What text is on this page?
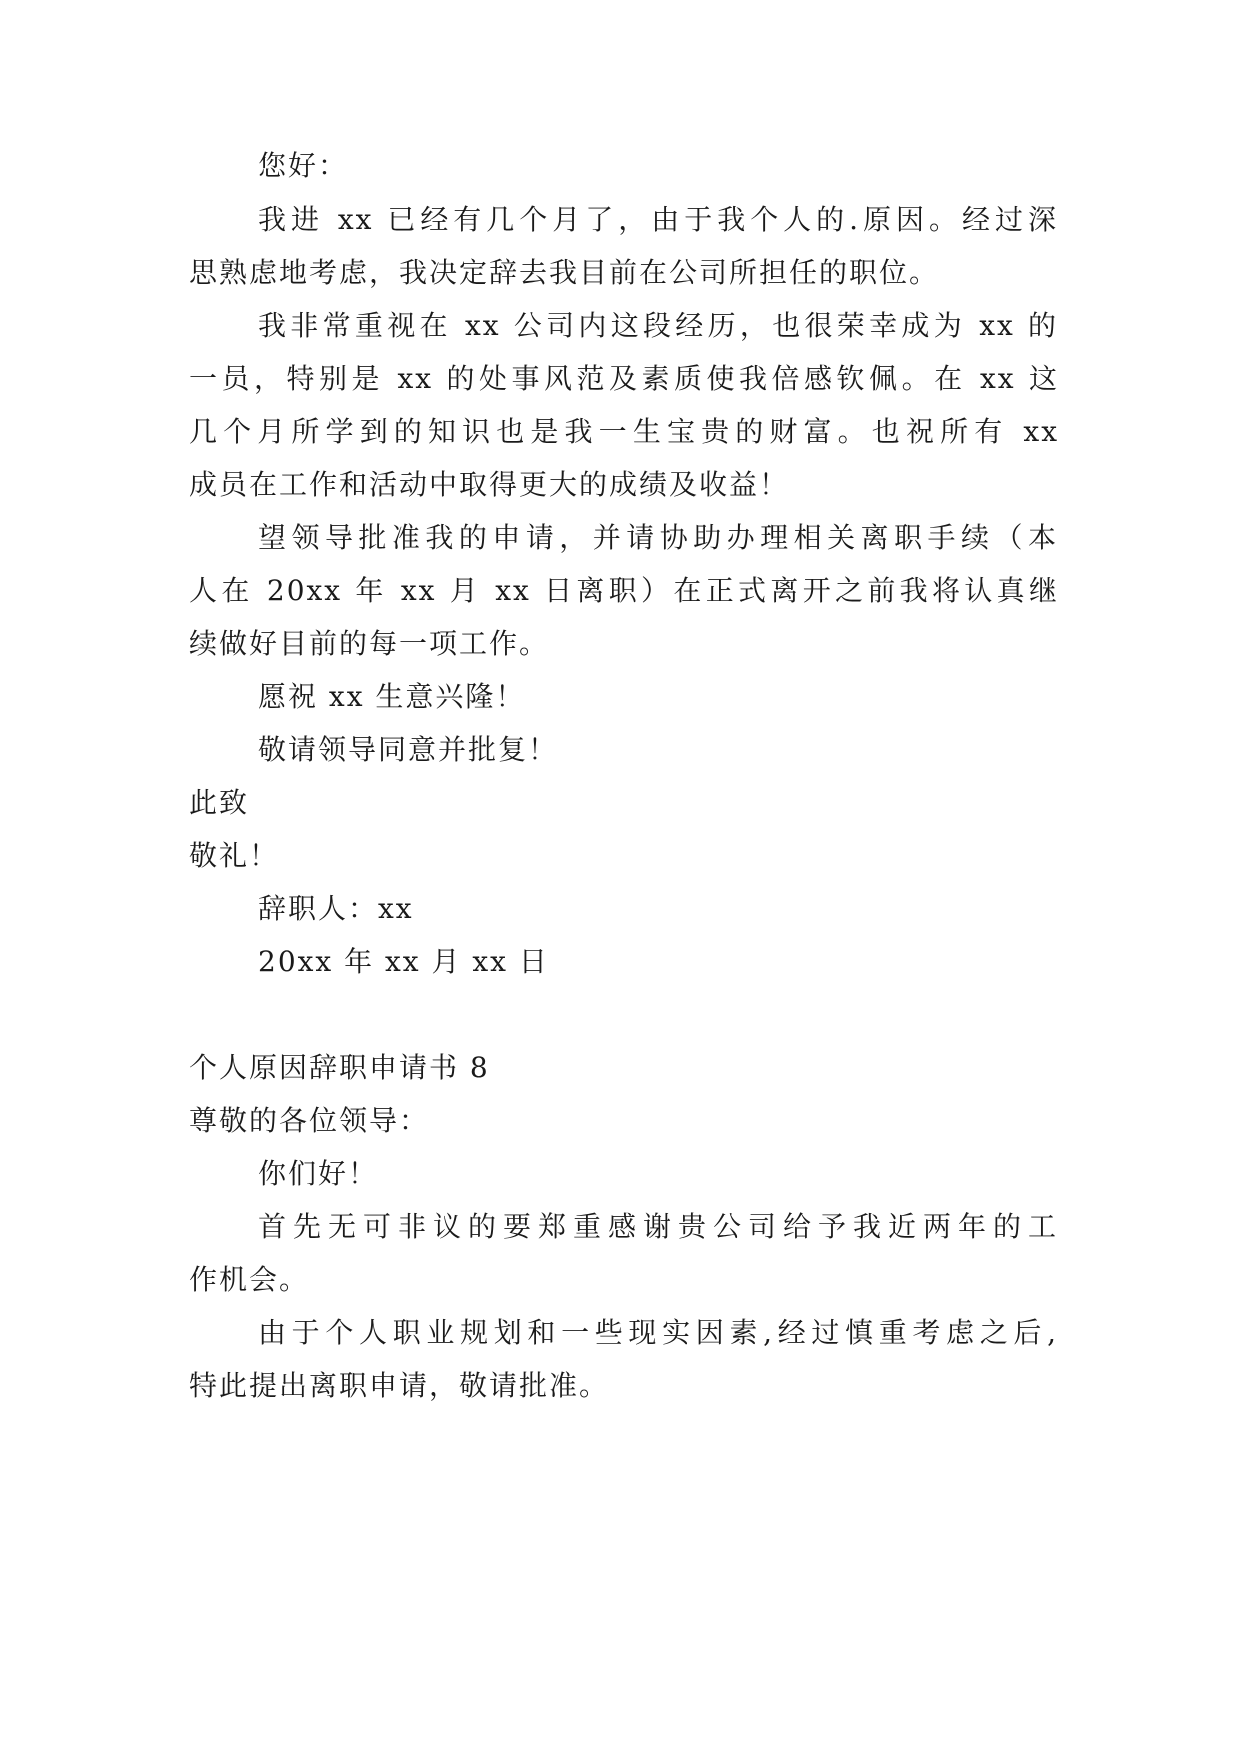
您好：
我进 xx 已经有几个月了，由于我个人的.原因。经过深
思熟虑地考虑，我决定辞去我目前在公司所担任的职位。
我非常重视在 xx 公司内这段经历，也很荣幸成为 xx 的
一员，特别是 xx 的处事风范及素质使我倍感钦佩。在 xx 这
几个月所学到的知识也是我一生宝贵的财富。也祝所有 xx
成员在工作和活动中取得更大的成绩及收益！
望领导批准我的申请，并请协助办理相关离职手续（本
人在 20xx 年 xx 月 xx 日离职）在正式离开之前我将认真继
续做好目前的每一项工作。
愿祝 xx 生意兴隆！
敬请领导同意并批复！
此致
敬礼！
辞职人：xx
20xx 年 xx 月 xx 日
个人原因辞职申请书 8
尊敬的各位领导：
你们好！
首先无可非议的要郑重感谢贵公司给予我近两年的工
作机会。
由于个人职业规划和一些现实因素,经过慎重考虑之后,
特此提出离职申请，敬请批准。
